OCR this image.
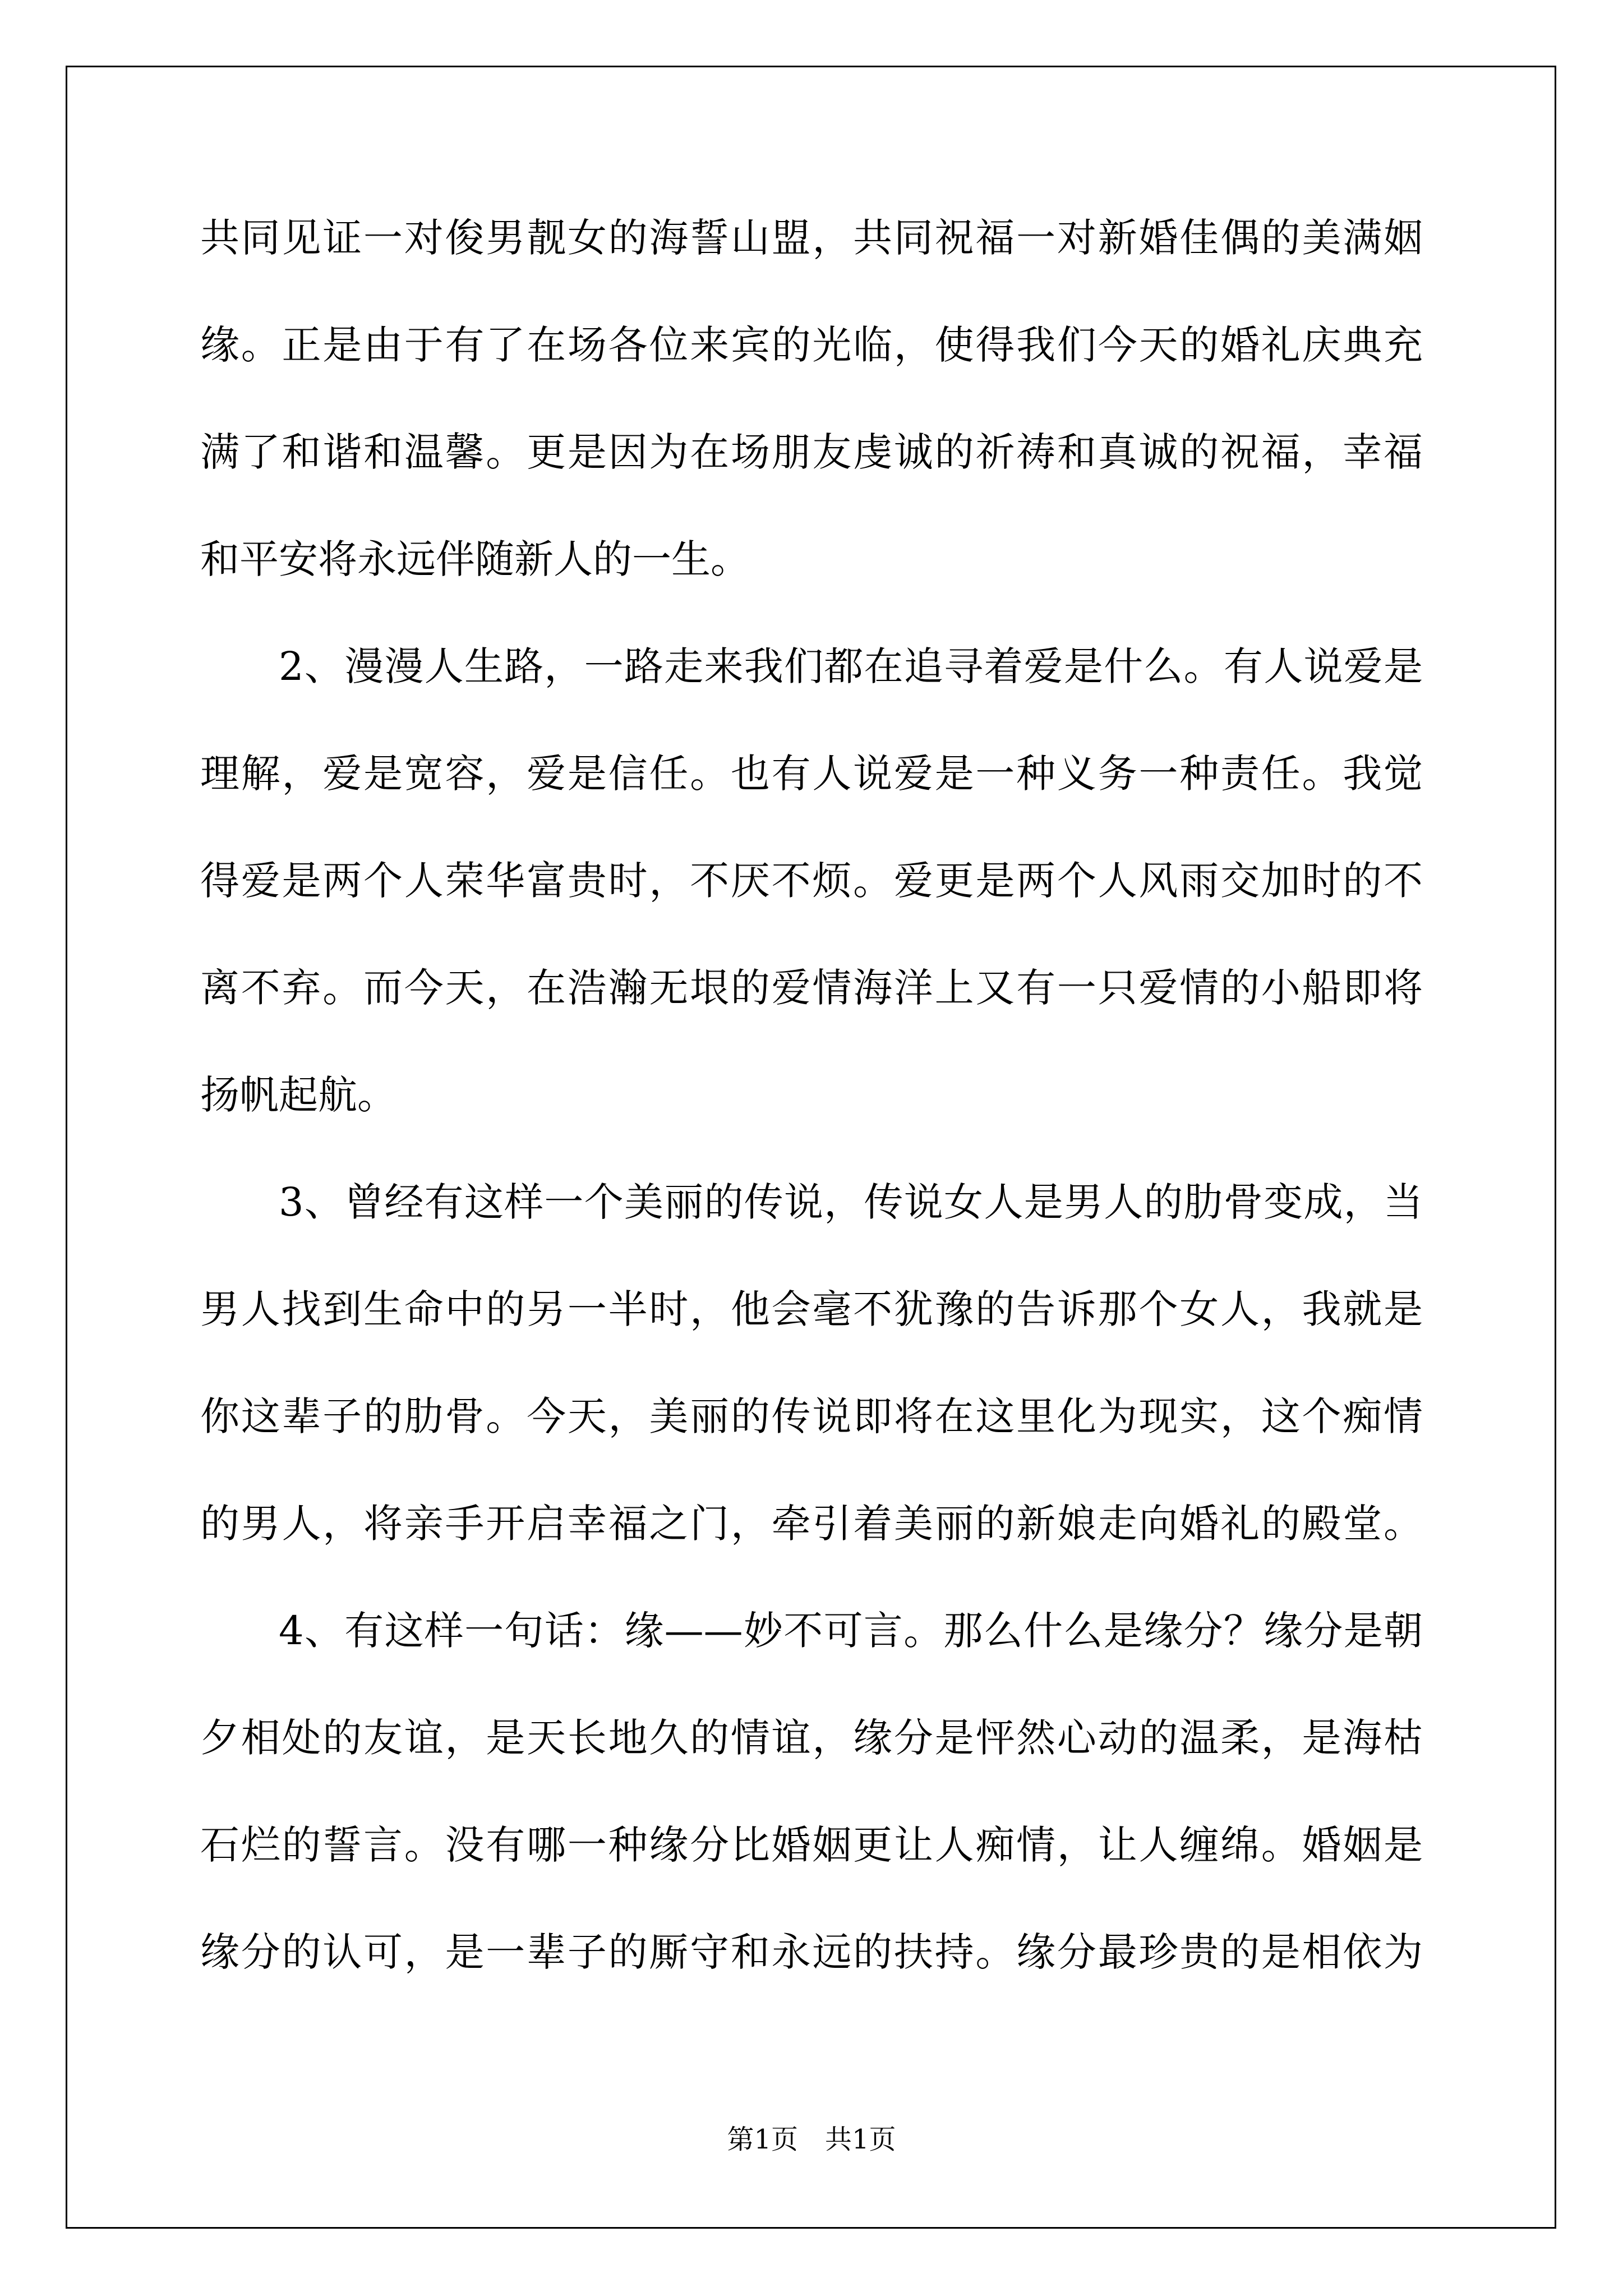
共同见证一对俊男靓女的海誓山盟，共同祝福一对新婚佳偶的美满姻
缘。正是由于有了在场各位来宾的光临，使得我们今天的婚礼庆典充
满了和谐和温馨。更是因为在场朋友虔诚的祈祷和真诚的祝福，幸福
和平安将永远伴随新人的一生。
2、漫漫人生路，一路走来我们都在追寻着爱是什么。有人说爱是
理解，爱是宽容，爱是信任。也有人说爱是一种义务一种责任。我觉
得爱是两个人荣华富贵时，不厌不烦。爱更是两个人风雨交加时的不
离不弃。而今天，在浩瀚无垠的爱情海洋上又有一只爱情的小船即将
扬帆起航。
3、曾经有这样一个美丽的传说，传说女人是男人的肋骨变成，当
男人找到生命中的另一半时，他会毫不犹豫的告诉那个女人，我就是
你这辈子的肋骨。今天，美丽的传说即将在这里化为现实，这个痴情
的男人，将亲手开启幸福之门，牵引着美丽的新娘走向婚礼的殿堂。
4、有这样一句话：缘——妙不可言。那么什么是缘分？缘分是朝
夕相处的友谊，是天长地久的情谊，缘分是怦然心动的温柔，是海枯
石烂的誓言。没有哪一种缘分比婚姻更让人痴情，让人缠绵。婚姻是
缘分的认可，是一辈子的厮守和永远的扶持。缘分最珍贵的是相依为
第1页　共1页
